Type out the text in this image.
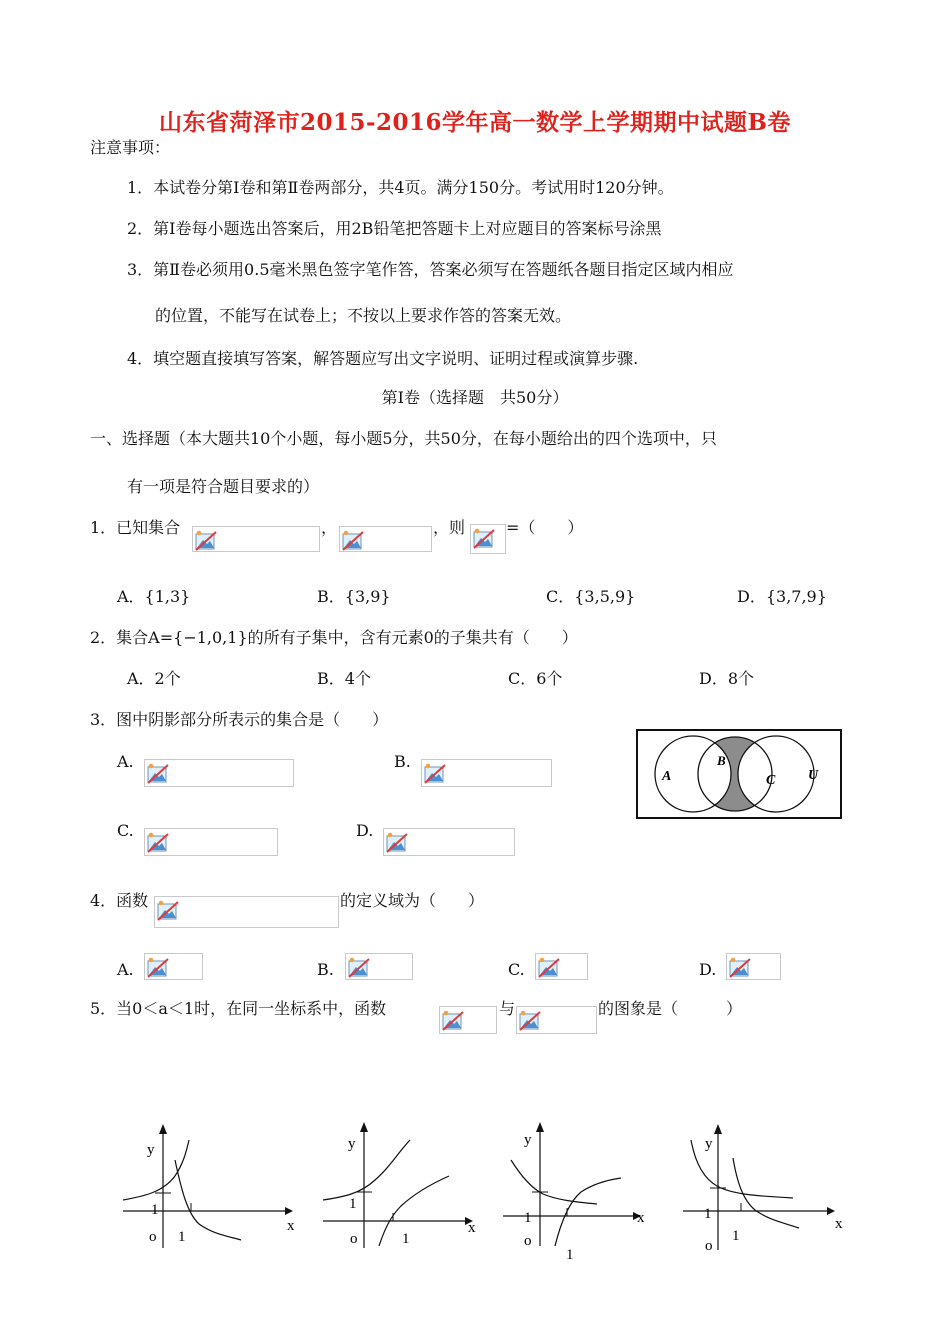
山东省菏泽市2015-2016学年高一数学上学期期中试题B卷
注意事项：
1．本试卷分第Ⅰ卷和第Ⅱ卷两部分，共4页。满分150分。考试用时120分钟。
2．第Ⅰ卷每小题选出答案后，用2B铅笔把答题卡上对应题目的答案标号涂黑
3．第Ⅱ卷必须用0.5毫米黑色签字笔作答，答案必须写在答题纸各题目指定区域内相应
的位置，不能写在试卷上；不按以上要求作答的答案无效。
4．填空题直接填写答案，解答题应写出文字说明、证明过程或演算步骤.
第Ⅰ卷（选择题　共50分）
一、选择题（本大题共10个小题，每小题5分，共50分，在每小题给出的四个选项中，只
有一项是符合题目要求的）
1．已知集合	，	，则	=（　　）
A．{1,3}	B．{3,9}	C．{3,5,9}	D．{3,7,9}
2．集合A={−1,0,1}的所有子集中，含有元素0的子集共有（　　）
A．2个	B．4个	C．6个	D．8个
3．图中阴影部分所表示的集合是（　　）
A.	B.
C.	D.
A
B
C U
4．函数	的定义域为（　　）
A.	B.	C.	D.
5．当0＜a＜1时，在同一坐标系中，函数	与	的图象是（　　　）
y
1
x
o 1
y
1
x
o	1
y
1	x
o
1
y
1
x
o
1
